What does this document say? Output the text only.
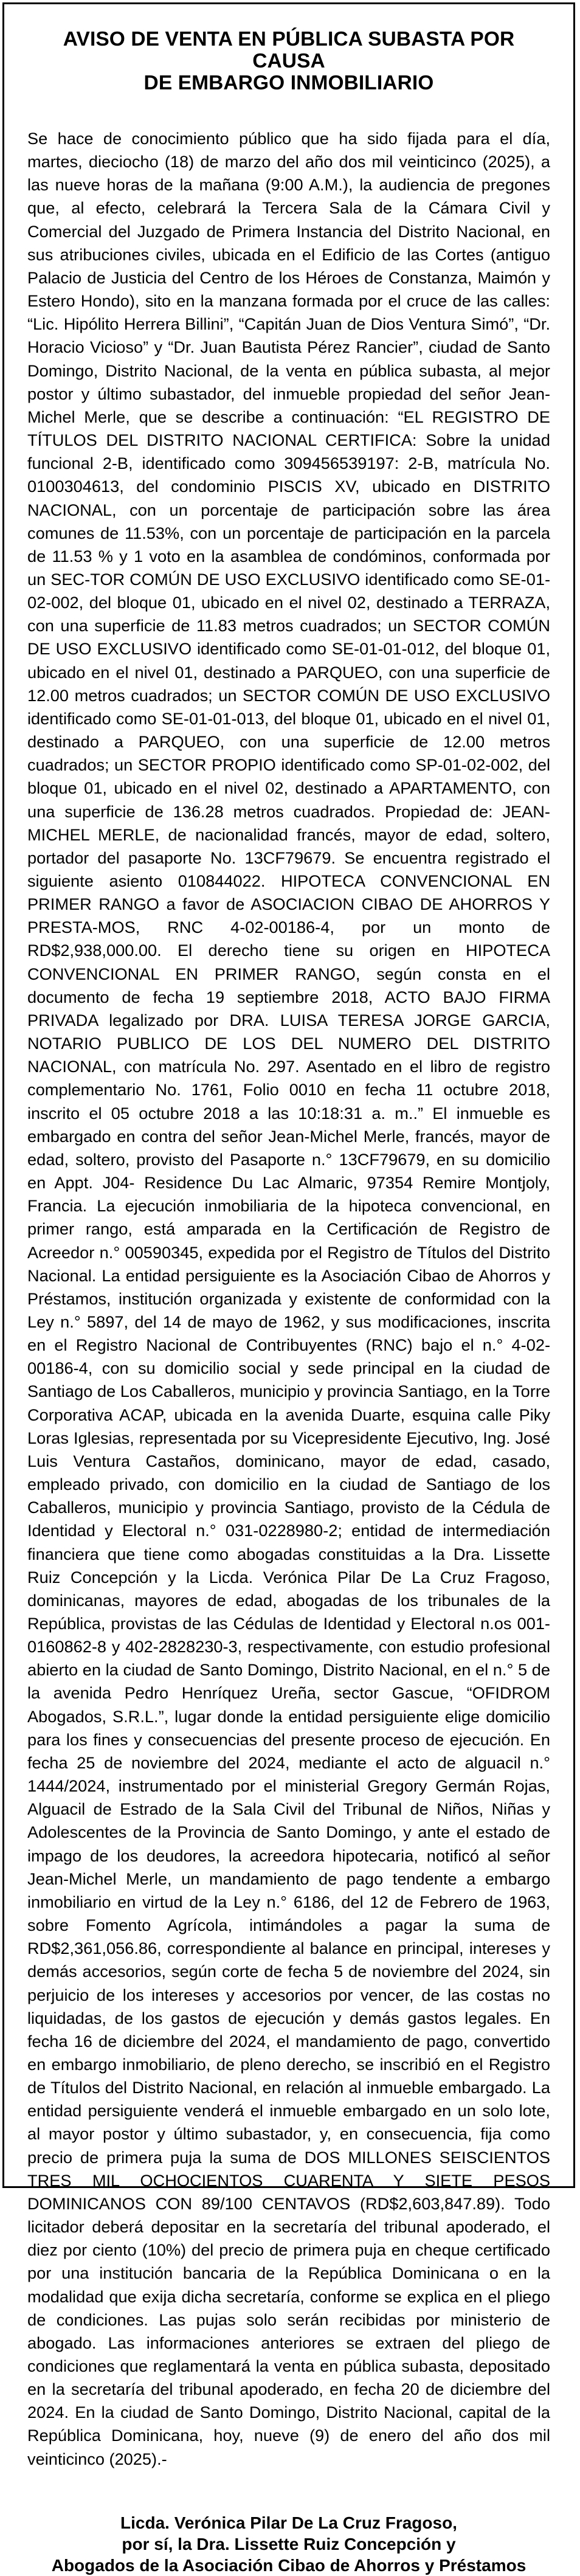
AVISO DE VENTA EN PÚBLICA SUBASTA POR CAUSA
DE EMBARGO INMOBILIARIO

Se hace de conocimiento público que ha sido fijada para el día, martes, dieciocho (18) de marzo del año dos mil veinticinco (2025), a las nueve horas de la mañana (9:00 A.M.), la audiencia de pregones que, al efecto, celebrará la Tercera Sala de la Cámara Civil y Comercial del Juzgado de Primera Instancia del Distrito Nacional, en sus atribuciones civiles, ubicada en el Edificio de las Cortes (antiguo Palacio de Justicia del Centro de los Héroes de Constanza, Maimón y Estero Hondo), sito en la manzana formada por el cruce de las calles: “Lic. Hipólito Herrera Billini”, “Capitán Juan de Dios Ventura Simó”, “Dr. Horacio Vicioso” y “Dr. Juan Bautista Pérez Rancier”, ciudad de Santo Domingo, Distrito Nacional, de la venta en pública subasta, al mejor postor y último subastador, del inmueble propiedad del señor Jean-Michel Merle, que se describe a continuación: “EL REGISTRO DE TÍTULOS DEL DISTRITO NACIONAL CERTIFICA: Sobre la unidad funcional 2-B, identificado como 309456539197: 2-B, matrícula No. 0100304613, del condominio PISCIS XV, ubicado en DISTRITO NACIONAL, con un porcentaje de participación sobre las área comunes de 11.53%, con un porcentaje de participación en la parcela de 11.53 % y 1 voto en la asamblea de condóminos, conformada por un SEC-TOR COMÚN DE USO EXCLUSIVO identificado como SE-01-02-002, del bloque 01, ubicado en el nivel 02, destinado a TERRAZA, con una superficie de 11.83 metros cuadrados; un SECTOR COMÚN DE USO EXCLUSIVO identificado como SE-01-01-012, del bloque 01, ubicado en el nivel 01, destinado a PARQUEO, con una superficie de 12.00 metros cuadrados; un SECTOR COMÚN DE USO EXCLUSIVO identificado como SE-01-01-013, del bloque 01, ubicado en el nivel 01, destinado a PARQUEO, con una superficie de 12.00 metros cuadrados; un SECTOR PROPIO identificado como SP-01-02-002, del bloque 01, ubicado en el nivel 02, destinado a APARTAMENTO, con una superficie de 136.28 metros cuadrados. Propiedad de: JEAN-MICHEL MERLE, de nacionalidad francés, mayor de edad, soltero, portador del pasaporte No. 13CF79679. Se encuentra registrado el siguiente asiento 010844022. HIPOTECA CONVENCIONAL EN PRIMER RANGO a favor de ASOCIACION CIBAO DE AHORROS Y PRESTA-MOS, RNC 4-02-00186-4, por un monto de RD$2,938,000.00. El derecho tiene su origen en HIPOTECA CONVENCIONAL EN PRIMER RANGO, según consta en el documento de fecha 19 septiembre 2018, ACTO BAJO FIRMA PRIVADA legalizado por DRA. LUISA TERESA JORGE GARCIA, NOTARIO PUBLICO DE LOS DEL NUMERO DEL DISTRITO NACIONAL, con matrícula No. 297. Asentado en el libro de registro complementario No. 1761, Folio 0010 en fecha 11 octubre 2018, inscrito el 05 octubre 2018 a las 10:18:31 a. m..” El inmueble es embargado en contra del señor Jean-Michel Merle, francés, mayor de edad, soltero, provisto del Pasaporte n.° 13CF79679, en su domicilio en Appt. J04- Residence Du Lac Almaric, 97354 Remire Montjoly, Francia. La ejecución inmobiliaria de la hipoteca convencional, en primer rango, está amparada en la Certificación de Registro de Acreedor n.° 00590345, expedida por el Registro de Títulos del Distrito Nacional. La entidad persiguiente es la Asociación Cibao de Ahorros y Préstamos, institución organizada y existente de conformidad con la Ley n.° 5897, del 14 de mayo de 1962, y sus modificaciones, inscrita en el Registro Nacional de Contribuyentes (RNC) bajo el n.° 4-02-00186-4, con su domicilio social y sede principal en la ciudad de Santiago de Los Caballeros, municipio y provincia Santiago, en la Torre Corporativa ACAP, ubicada en la avenida Duarte, esquina calle Piky Loras Iglesias, representada por su Vicepresidente Ejecutivo, Ing. José Luis Ventura Castaños, dominicano, mayor de edad, casado, empleado privado, con domicilio en la ciudad de Santiago de los Caballeros, municipio y provincia Santiago, provisto de la Cédula de Identidad y Electoral n.° 031-0228980-2; entidad de intermediación financiera que tiene como abogadas constituidas a la Dra. Lissette Ruiz Concepción y la Licda. Verónica Pilar De La Cruz Fragoso, dominicanas, mayores de edad, abogadas de los tribunales de la República, provistas de las Cédulas de Identidad y Electoral n.os 001-0160862-8 y 402-2828230-3, respectivamente, con estudio profesional abierto en la ciudad de Santo Domingo, Distrito Nacional, en el n.° 5 de la avenida Pedro Henríquez Ureña, sector Gascue, “OFIDROM Abogados, S.R.L.”, lugar donde la entidad persiguiente elige domicilio para los fines y consecuencias del presente proceso de ejecución. En fecha 25 de noviembre del 2024, mediante el acto de alguacil n.° 1444/2024, instrumentado por el ministerial Gregory Germán Rojas, Alguacil de Estrado de la Sala Civil del Tribunal de Niños, Niñas y Adolescentes de la Provincia de Santo Domingo, y ante el estado de impago de los deudores, la acreedora hipotecaria, notificó al señor Jean-Michel Merle, un mandamiento de pago tendente a embargo inmobiliario en virtud de la Ley n.° 6186, del 12 de Febrero de 1963, sobre Fomento Agrícola, intimándoles a pagar la suma de RD$2,361,056.86, correspondiente al balance en principal, intereses y demás accesorios, según corte de fecha 5 de noviembre del 2024, sin perjuicio de los intereses y accesorios por vencer, de las costas no liquidadas, de los gastos de ejecución y demás gastos legales. En fecha 16 de diciembre del 2024, el mandamiento de pago, convertido en embargo inmobiliario, de pleno derecho, se inscribió en el Registro de Títulos del Distrito Nacional, en relación al inmueble embargado. La entidad persiguiente venderá el inmueble embargado en un solo lote, al mayor postor y último subastador, y, en consecuencia, fija como precio de primera puja la suma de DOS MILLONES SEISCIENTOS TRES MIL OCHOCIENTOS CUARENTA Y SIETE PESOS DOMINICANOS CON 89/100 CENTAVOS (RD$2,603,847.89). Todo licitador deberá depositar en la secretaría del tribunal apoderado, el diez por ciento (10%) del precio de primera puja en cheque certificado por una institución bancaria de la República Dominicana o en la modalidad que exija dicha secretaría, conforme se explica en el pliego de condiciones. Las pujas solo serán recibidas por ministerio de abogado. Las informaciones anteriores se extraen del pliego de condiciones que reglamentará la venta en pública subasta, depositado en la secretaría del tribunal apoderado, en fecha 20 de diciembre del 2024. En la ciudad de Santo Domingo, Distrito Nacional, capital de la República Dominicana, hoy, nueve (9) de enero del año dos mil veinticinco (2025).-

Licda. Verónica Pilar De La Cruz Fragoso,
por sí, la Dra. Lissette Ruiz Concepción y
Abogados de la Asociación Cibao de Ahorros y Préstamos
